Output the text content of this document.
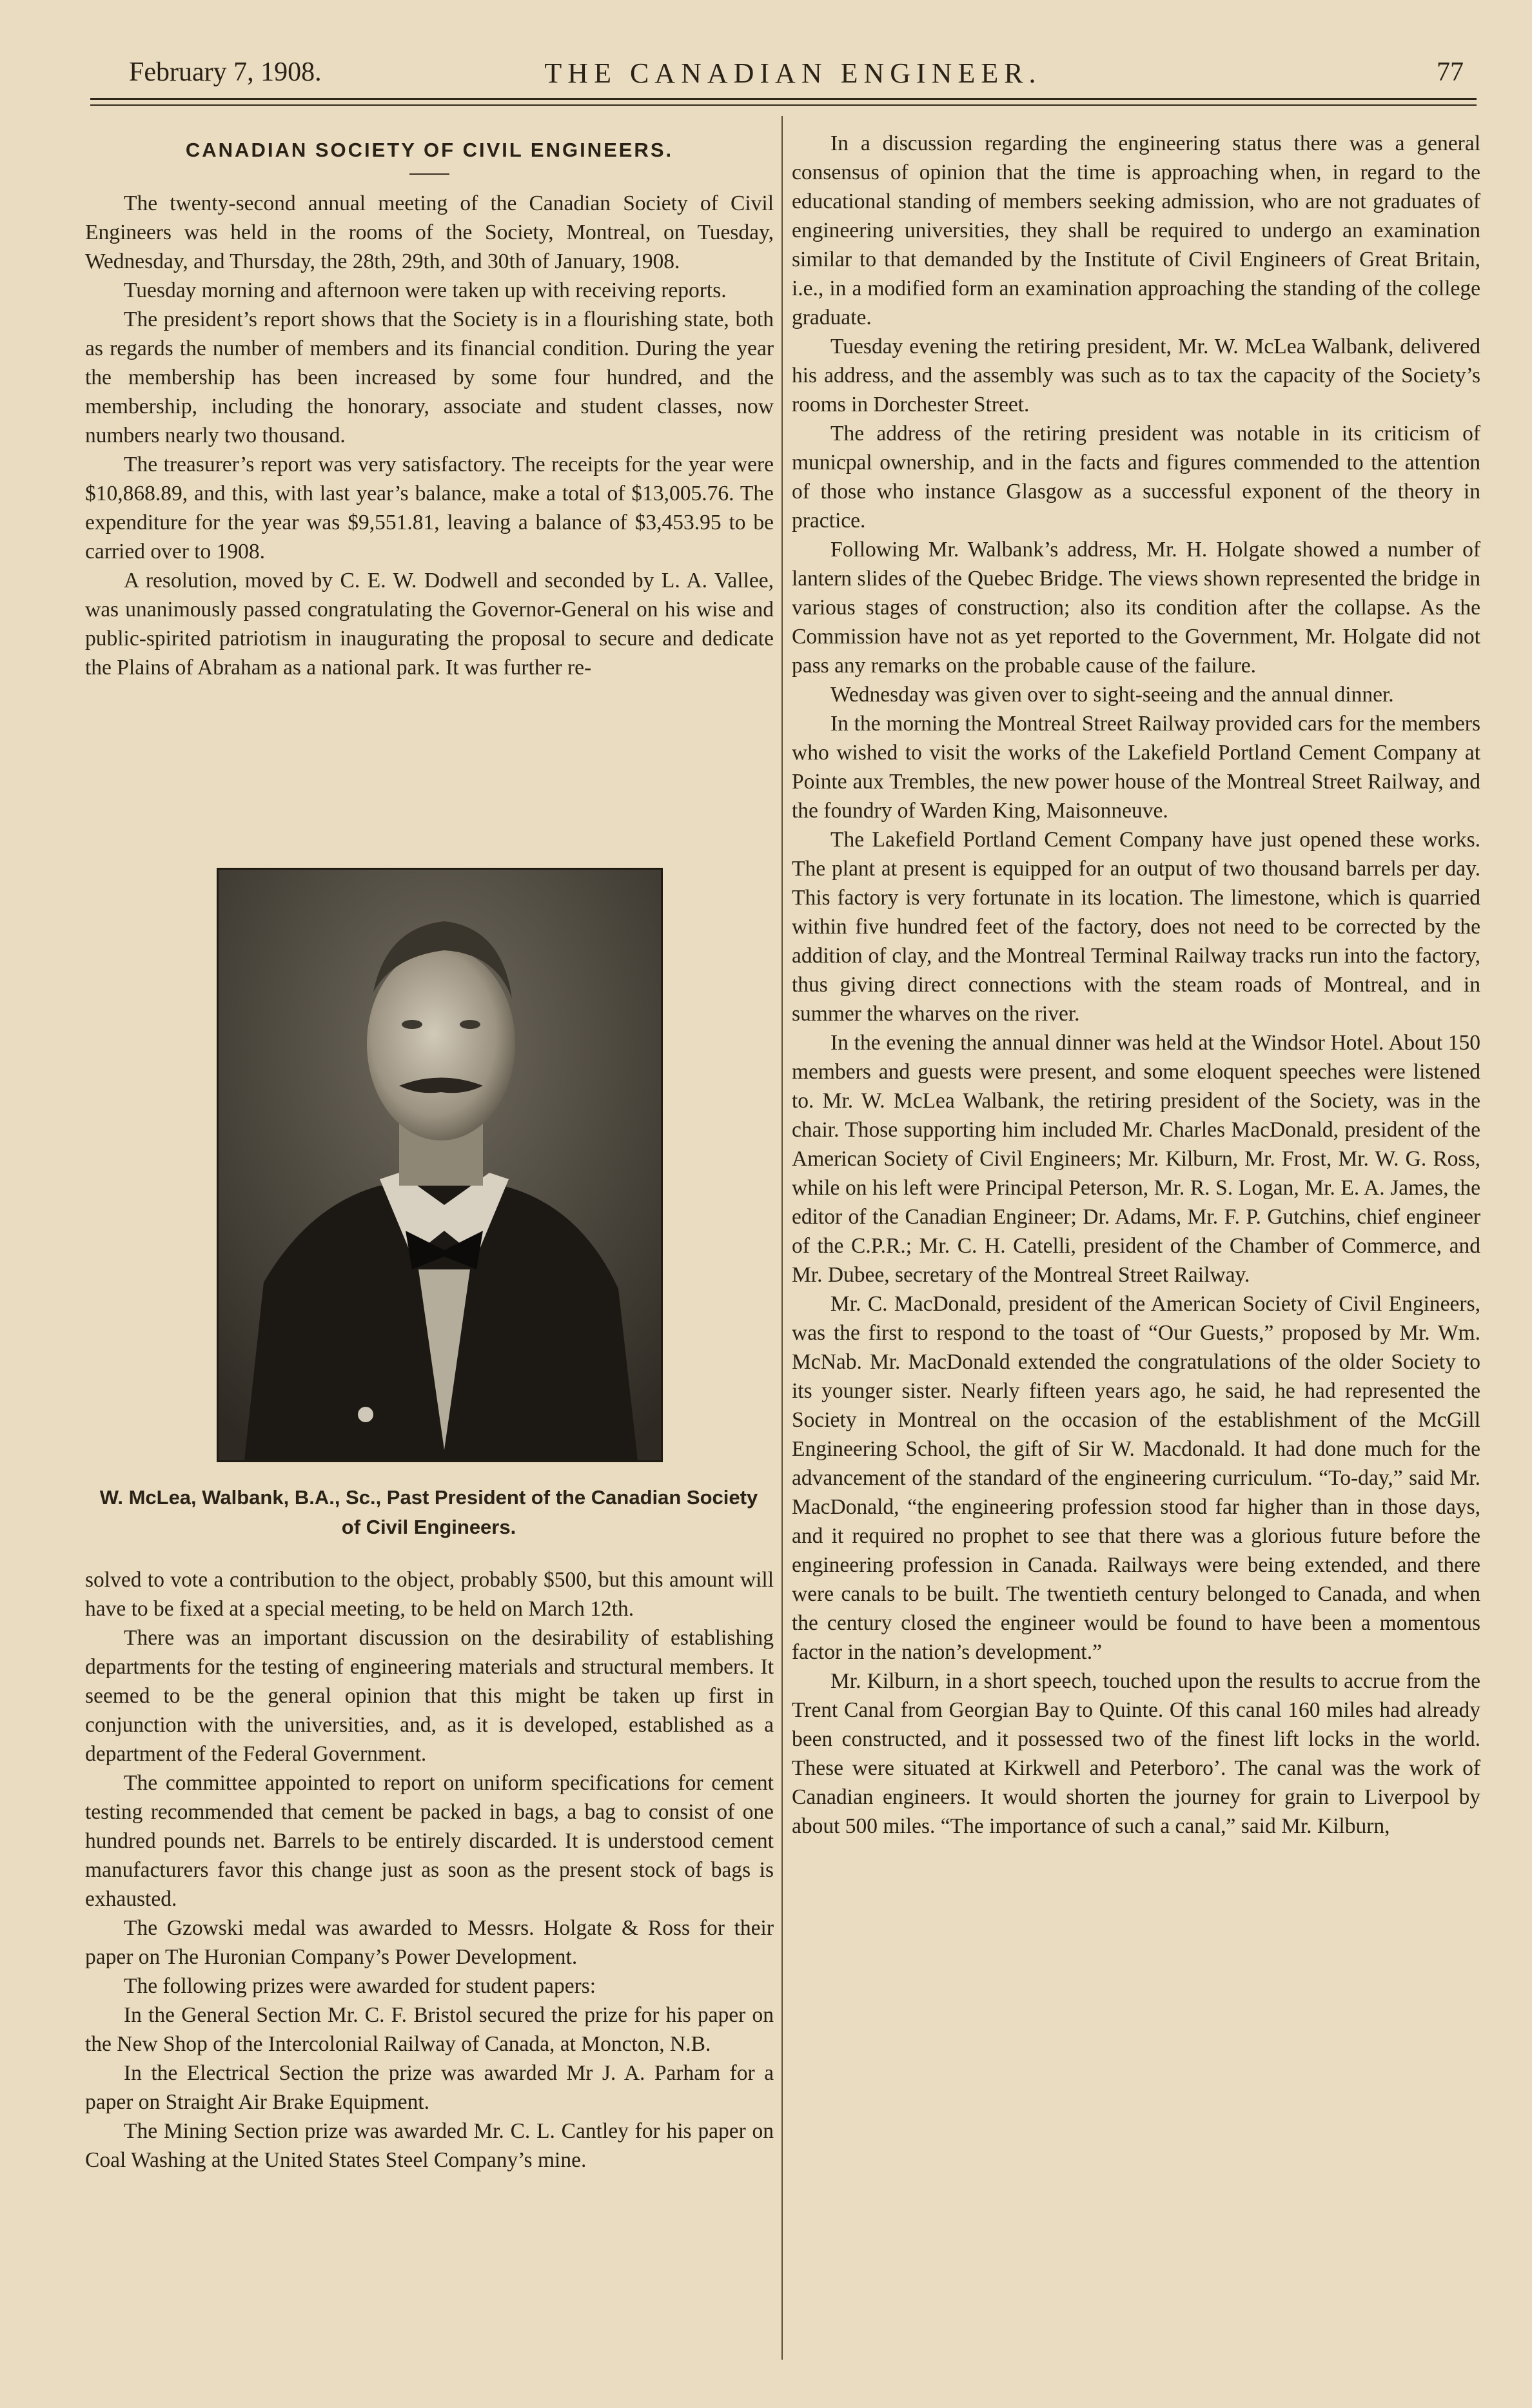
February 7, 1908.	THE CANADIAN ENGINEER.	77
CANADIAN SOCIETY OF CIVIL ENGINEERS.

The twenty-second annual meeting of the Canadian Society of Civil Engineers was held in the rooms of the Society, Montreal, on Tuesday, Wednesday, and Thursday, the 28th, 29th, and 30th of January, 1908.

Tuesday morning and afternoon were taken up with receiving reports.

The president’s report shows that the Society is in a flourishing state, both as regards the number of members and its financial condition. During the year the membership has been increased by some four hundred, and the membership, including the honorary, associate and student classes, now numbers nearly two thousand.

The treasurer’s report was very satisfactory. The receipts for the year were $10,868.89, and this, with last year’s balance, make a total of $13,005.76. The expenditure for the year was $9,551.81, leaving a balance of $3,453.95 to be carried over to 1908.

A resolution, moved by C. E. W. Dodwell and seconded by L. A. Vallee, was unanimously passed congratulating the Governor-General on his wise and public-spirited patriotism in inaugurating the proposal to secure and dedicate the Plains of Abraham as a national park. It was further re-

W. McLea, Walbank, B.A., Sc., Past President of the Canadian Society of Civil Engineers.

solved to vote a contribution to the object, probably $500, but this amount will have to be fixed at a special meeting, to be held on March 12th.

There was an important discussion on the desirability of establishing departments for the testing of engineering materials and structural members. It seemed to be the general opinion that this might be taken up first in conjunction with the universities, and, as it is developed, established as a department of the Federal Government.

The committee appointed to report on uniform specifications for cement testing recommended that cement be packed in bags, a bag to consist of one hundred pounds net. Barrels to be entirely discarded. It is understood cement manufacturers favor this change just as soon as the present stock of bags is exhausted.

The Gzowski medal was awarded to Messrs. Holgate & Ross for their paper on The Huronian Company’s Power Development.

The following prizes were awarded for student papers:

In the General Section Mr. C. F. Bristol secured the prize for his paper on the New Shop of the Intercolonial Railway of Canada, at Moncton, N.B.

In the Electrical Section the prize was awarded Mr J. A. Parham for a paper on Straight Air Brake Equipment.

The Mining Section prize was awarded Mr. C. L. Cantley for his paper on Coal Washing at the United States Steel Company’s mine.

In a discussion regarding the engineering status there was a general consensus of opinion that the time is approaching when, in regard to the educational standing of members seeking admission, who are not graduates of engineering universities, they shall be required to undergo an examination similar to that demanded by the Institute of Civil Engineers of Great Britain, i.e., in a modified form an examination approaching the standing of the college graduate.

Tuesday evening the retiring president, Mr. W. McLea Walbank, delivered his address, and the assembly was such as to tax the capacity of the Society’s rooms in Dorchester Street.

The address of the retiring president was notable in its criticism of municpal ownership, and in the facts and figures commended to the attention of those who instance Glasgow as a successful exponent of the theory in practice.

Following Mr. Walbank’s address, Mr. H. Holgate showed a number of lantern slides of the Quebec Bridge. The views shown represented the bridge in various stages of construction; also its condition after the collapse. As the Commission have not as yet reported to the Government, Mr. Holgate did not pass any remarks on the probable cause of the failure.

Wednesday was given over to sight-seeing and the annual dinner.

In the morning the Montreal Street Railway provided cars for the members who wished to visit the works of the Lakefield Portland Cement Company at Pointe aux Trembles, the new power house of the Montreal Street Railway, and the foundry of Warden King, Maisonneuve.

The Lakefield Portland Cement Company have just opened these works. The plant at present is equipped for an output of two thousand barrels per day. This factory is very fortunate in its location. The limestone, which is quarried within five hundred feet of the factory, does not need to be corrected by the addition of clay, and the Montreal Terminal Railway tracks run into the factory, thus giving direct connections with the steam roads of Montreal, and in summer the wharves on the river.

In the evening the annual dinner was held at the Windsor Hotel. About 150 members and guests were present, and some eloquent speeches were listened to. Mr. W. McLea Walbank, the retiring president of the Society, was in the chair. Those supporting him included Mr. Charles MacDonald, president of the American Society of Civil Engineers; Mr. Kilburn, Mr. Frost, Mr. W. G. Ross, while on his left were Principal Peterson, Mr. R. S. Logan, Mr. E. A. James, the editor of the Canadian Engineer; Dr. Adams, Mr. F. P. Gutchins, chief engineer of the C.P.R.; Mr. C. H. Catelli, president of the Chamber of Commerce, and Mr. Dubee, secretary of the Montreal Street Railway.

Mr. C. MacDonald, president of the American Society of Civil Engineers, was the first to respond to the toast of “Our Guests,” proposed by Mr. Wm. McNab. Mr. MacDonald extended the congratulations of the older Society to its younger sister. Nearly fifteen years ago, he said, he had represented the Society in Montreal on the occasion of the establishment of the McGill Engineering School, the gift of Sir W. Macdonald. It had done much for the advancement of the standard of the engineering curriculum. “To-day,” said Mr. MacDonald, “the engineering profession stood far higher than in those days, and it required no prophet to see that there was a glorious future before the engineering profession in Canada. Railways were being extended, and there were canals to be built. The twentieth century belonged to Canada, and when the century closed the engineer would be found to have been a momentous factor in the nation’s development.”

Mr. Kilburn, in a short speech, touched upon the results to accrue from the Trent Canal from Georgian Bay to Quinte. Of this canal 160 miles had already been constructed, and it possessed two of the finest lift locks in the world. These were situated at Kirkwell and Peterboro’. The canal was the work of Canadian engineers. It would shorten the journey for grain to Liverpool by about 500 miles. “The importance of such a canal,” said Mr. Kilburn,
